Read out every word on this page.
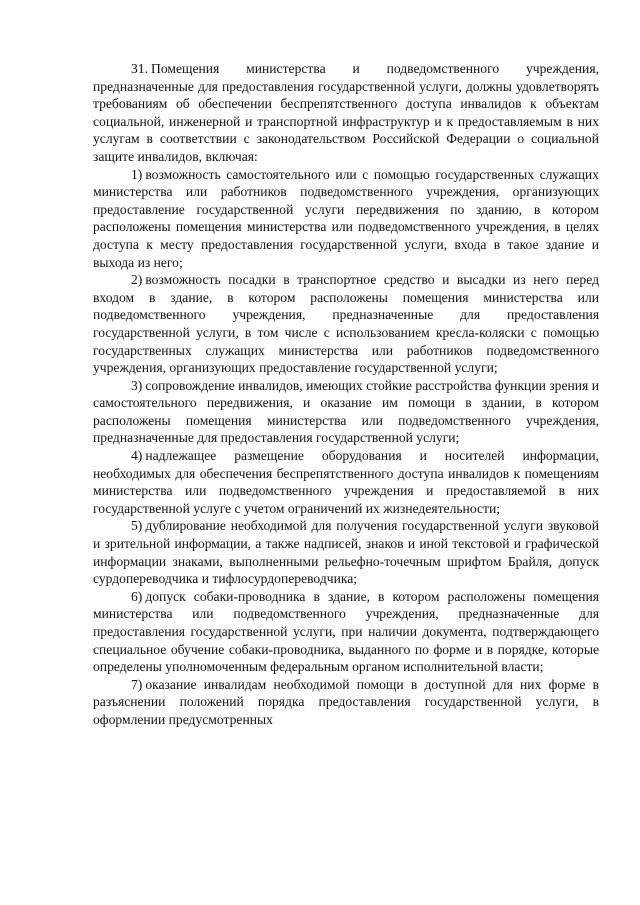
31. Помещения министерства и подведомственного учреждения, предназначенные для предоставления государственной услуги, должны удовлетворять требованиям об обеспечении беспрепятственного доступа инвалидов к объектам социальной, инженерной и транспортной инфраструктур и к предоставляемым в них услугам в соответствии с законодательством Российской Федерации о социальной защите инвалидов, включая:

1) возможность самостоятельного или с помощью государственных служащих министерства или работников подведомственного учреждения, организующих предоставление государственной услуги передвижения по зданию, в котором расположены помещения министерства или подведомственного учреждения, в целях доступа к месту предоставления государственной услуги, входа в такое здание и выхода из него;

2) возможность посадки в транспортное средство и высадки из него перед входом в здание, в котором расположены помещения министерства или подведомственного учреждения, предназначенные для предоставления государственной услуги, в том числе с использованием кресла-коляски с помощью государственных служащих министерства или работников подведомственного учреждения, организующих предоставление государственной услуги;

3) сопровождение инвалидов, имеющих стойкие расстройства функции зрения и самостоятельного передвижения, и оказание им помощи в здании, в котором расположены помещения министерства или подведомственного учреждения, предназначенные для предоставления государственной услуги;

4) надлежащее размещение оборудования и носителей информации, необходимых для обеспечения беспрепятственного доступа инвалидов к помещениям министерства или подведомственного учреждения и предоставляемой в них государственной услуге с учетом ограничений их жизнедеятельности;

5) дублирование необходимой для получения государственной услуги звуковой и зрительной информации, а также надписей, знаков и иной текстовой и графической информации знаками, выполненными рельефно-точечным шрифтом Брайля, допуск сурдопереводчика и тифлосурдопереводчика;

6) допуск собаки-проводника в здание, в котором расположены помещения министерства или подведомственного учреждения, предназначенные для предоставления государственной услуги, при наличии документа, подтверждающего специальное обучение собаки-проводника, выданного по форме и в порядке, которые определены уполномоченным федеральным органом исполнительной власти;

7) оказание инвалидам необходимой помощи в доступной для них форме в разъяснении положений порядка предоставления государственной услуги, в оформлении предусмотренных
